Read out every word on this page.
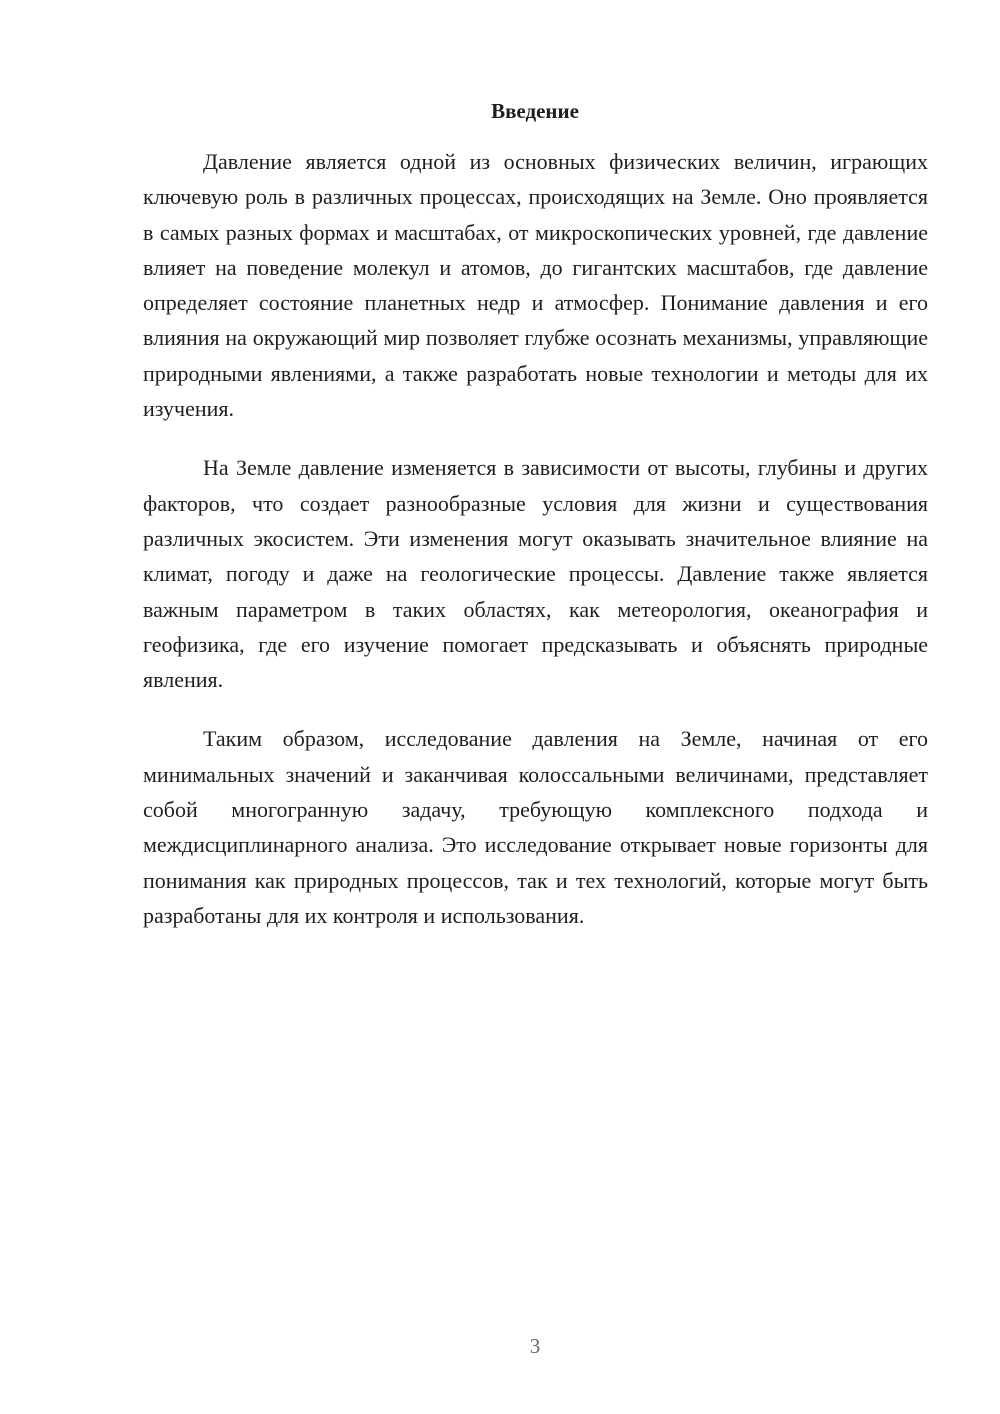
Введение

Давление является одной из основных физических величин, играющих ключевую роль в различных процессах, происходящих на Земле. Оно проявляется в самых разных формах и масштабах, от микроскопических уровней, где давление влияет на поведение молекул и атомов, до гигантских масштабов, где давление определяет состояние планетных недр и атмосфер. Понимание давления и его влияния на окружающий мир позволяет глубже осознать механизмы, управляющие природными явлениями, а также разработать новые технологии и методы для их изучения.

На Земле давление изменяется в зависимости от высоты, глубины и других факторов, что создает разнообразные условия для жизни и существования различных экосистем. Эти изменения могут оказывать значительное влияние на климат, погоду и даже на геологические процессы. Давление также является важным параметром в таких областях, как метеорология, океанография и геофизика, где его изучение помогает предсказывать и объяснять природные явления.

Таким образом, исследование давления на Земле, начиная от его минимальных значений и заканчивая колоссальными величинами, представляет собой многогранную задачу, требующую комплексного подхода и междисциплинарного анализа. Это исследование открывает новые горизонты для понимания как природных процессов, так и тех технологий, которые могут быть разработаны для их контроля и использования.

3
